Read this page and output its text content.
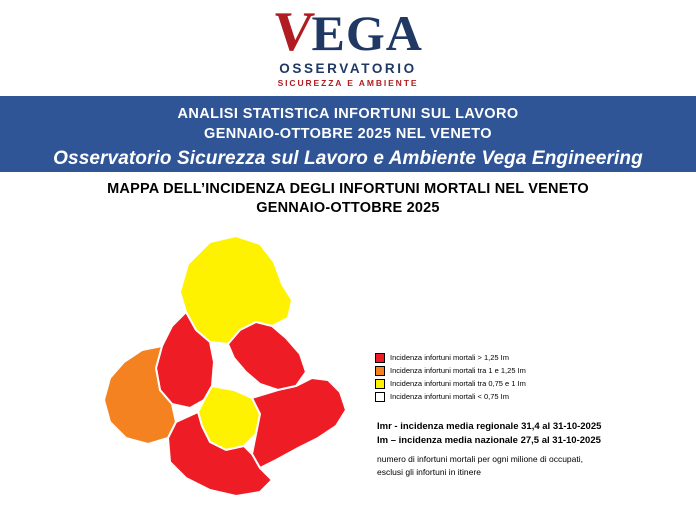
V
EGA
OSSERVATORIO
SICUREZZA E AMBIENTE
ANALISI STATISTICA INFORTUNI SUL LAVORO
GENNAIO-OTTOBRE 2025 NEL VENETO
Osservatorio Sicurezza sul Lavoro e Ambiente Vega Engineering
MAPPA DELL’INCIDENZA DEGLI INFORTUNI MORTALI NEL VENETO
GENNAIO-OTTOBRE 2025
Incidenza infortuni mortali > 1,25 Im
Incidenza infortuni mortali tra 1 e 1,25 Im
Incidenza infortuni mortali tra 0,75 e 1 Im
Incidenza infortuni mortali < 0,75 Im
Imr - incidenza media regionale 31,4 al 31-10-2025
Im – incidenza media nazionale 27,5 al 31-10-2025
numero di infortuni mortali per ogni milione di occupati,
esclusi gli infortuni in itinere
